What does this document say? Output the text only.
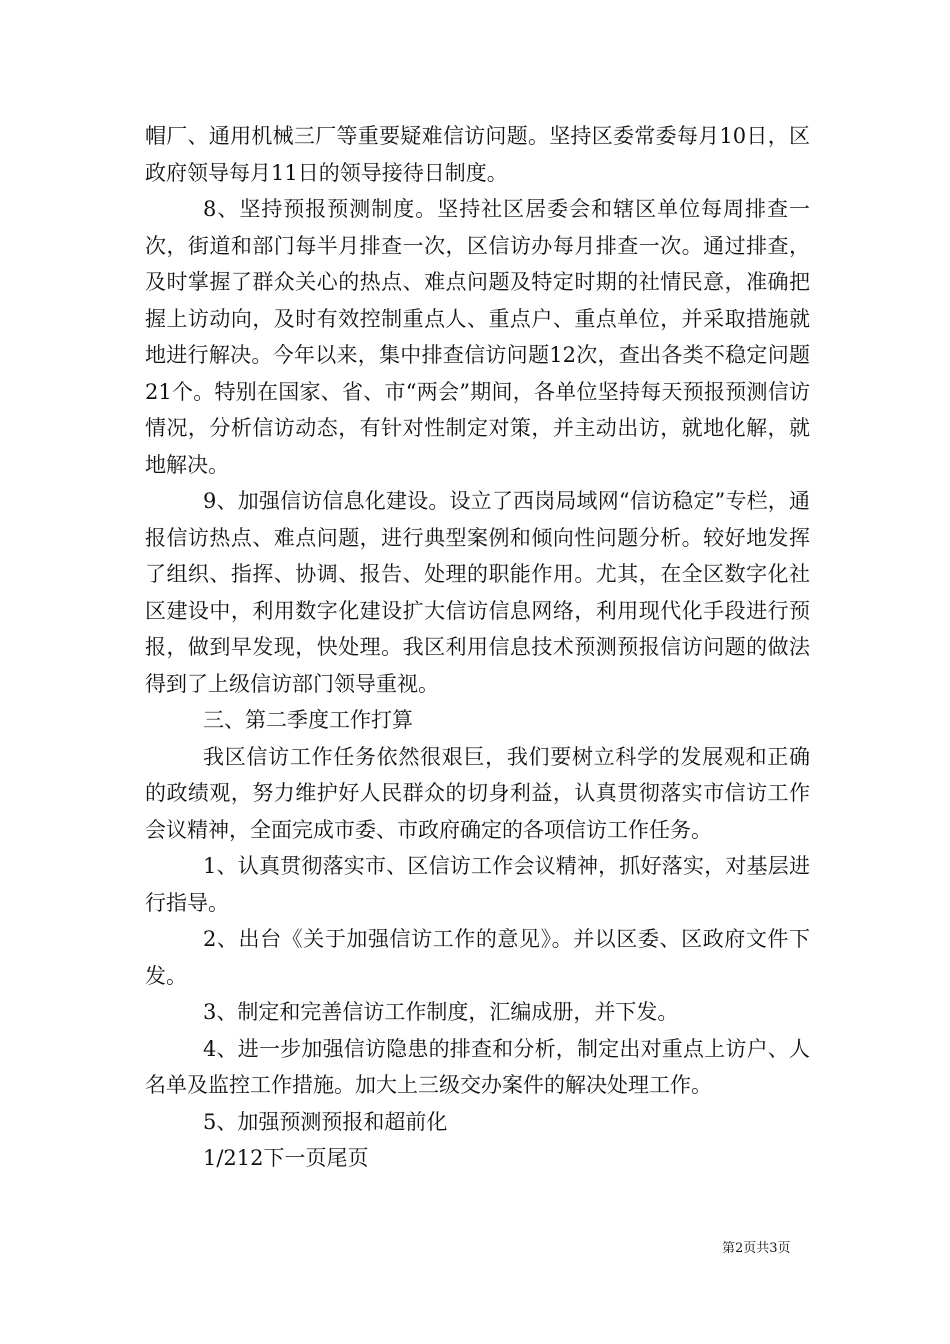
帽厂、通用机械三厂等重要疑难信访问题。坚持区委常委每月10日，区政府领导每月11日的领导接待日制度。

8、坚持预报预测制度。坚持社区居委会和辖区单位每周排查一次，街道和部门每半月排查一次，区信访办每月排查一次。通过排查，及时掌握了群众关心的热点、难点问题及特定时期的社情民意，准确把握上访动向，及时有效控制重点人、重点户、重点单位，并采取措施就地进行解决。今年以来，集中排查信访问题12次，查出各类不稳定问题21个。特别在国家、省、市“两会”期间，各单位坚持每天预报预测信访情况，分析信访动态，有针对性制定对策，并主动出访，就地化解，就地解决。

9、加强信访信息化建设。设立了西岗局域网“信访稳定”专栏，通报信访热点、难点问题，进行典型案例和倾向性问题分析。较好地发挥了组织、指挥、协调、报告、处理的职能作用。尤其，在全区数字化社区建设中，利用数字化建设扩大信访信息网络，利用现代化手段进行预报，做到早发现，快处理。我区利用信息技术预测预报信访问题的做法得到了上级信访部门领导重视。

三、第二季度工作打算

我区信访工作任务依然很艰巨，我们要树立科学的发展观和正确的政绩观，努力维护好人民群众的切身利益，认真贯彻落实市信访工作会议精神，全面完成市委、市政府确定的各项信访工作任务。

1、认真贯彻落实市、区信访工作会议精神，抓好落实，对基层进行指导。

2、出台《关于加强信访工作的意见》。并以区委、区政府文件下发。

3、制定和完善信访工作制度，汇编成册，并下发。

4、进一步加强信访隐患的排查和分析，制定出对重点上访户、人名单及监控工作措施。加大上三级交办案件的解决处理工作。

5、加强预测预报和超前化

1/212下一页尾页

第2页共3页
